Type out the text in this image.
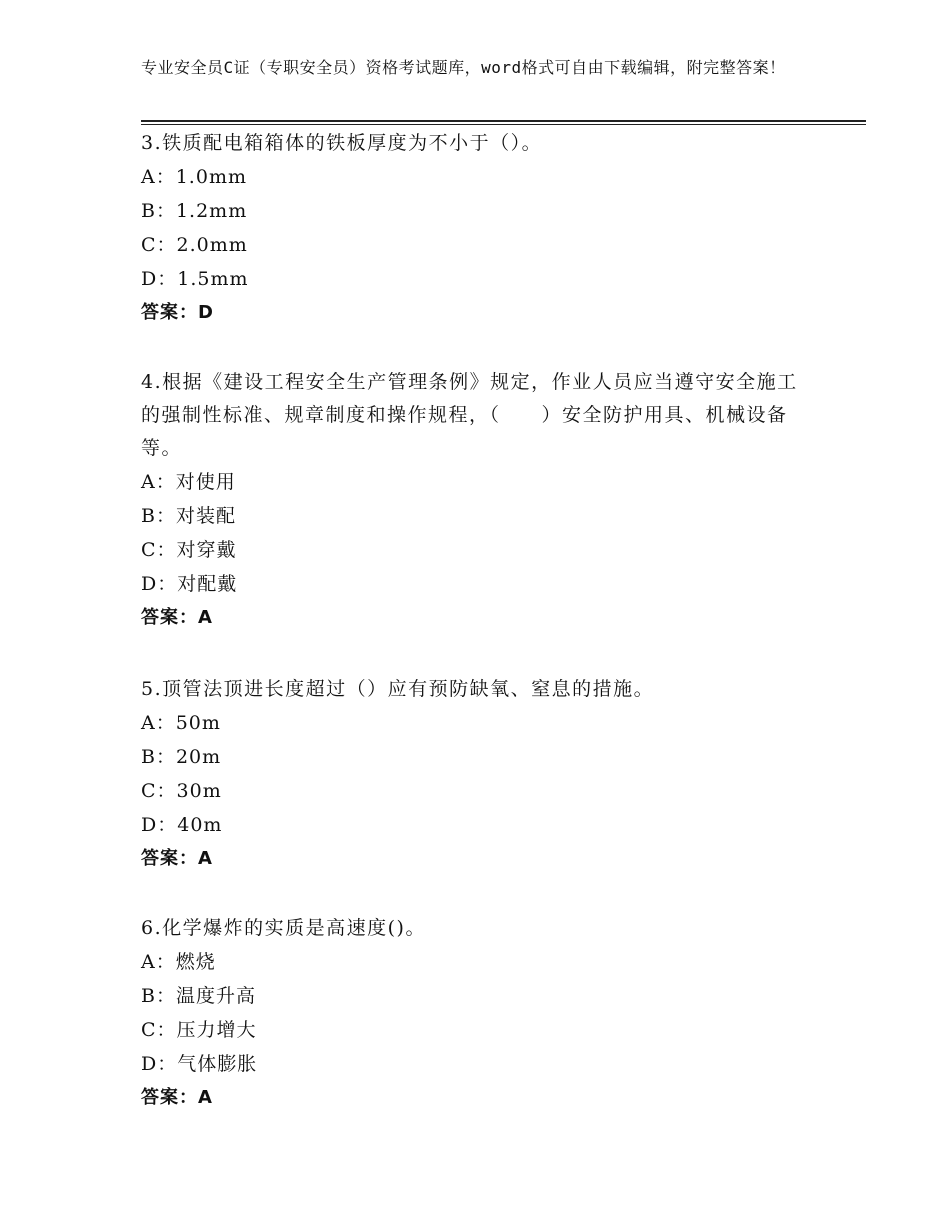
专业安全员C证（专职安全员）资格考试题库，word格式可自由下载编辑，附完整答案！
3.铁质配电箱箱体的铁板厚度为不小于（）。
A：1.0mm
B：1.2mm
C：2.0mm
D：1.5mm
答案：D
4.根据《建设工程安全生产管理条例》规定，作业人员应当遵守安全施工的强制性标准、规章制度和操作规程，（　　）安全防护用具、机械设备等。
A：对使用
B：对装配
C：对穿戴
D：对配戴
答案：A
5.顶管法顶进长度超过（）应有预防缺氧、窒息的措施。
A：50m
B：20m
C：30m
D：40m
答案：A
6.化学爆炸的实质是高速度()。
A：燃烧
B：温度升高
C：压力增大
D：气体膨胀
答案：A
